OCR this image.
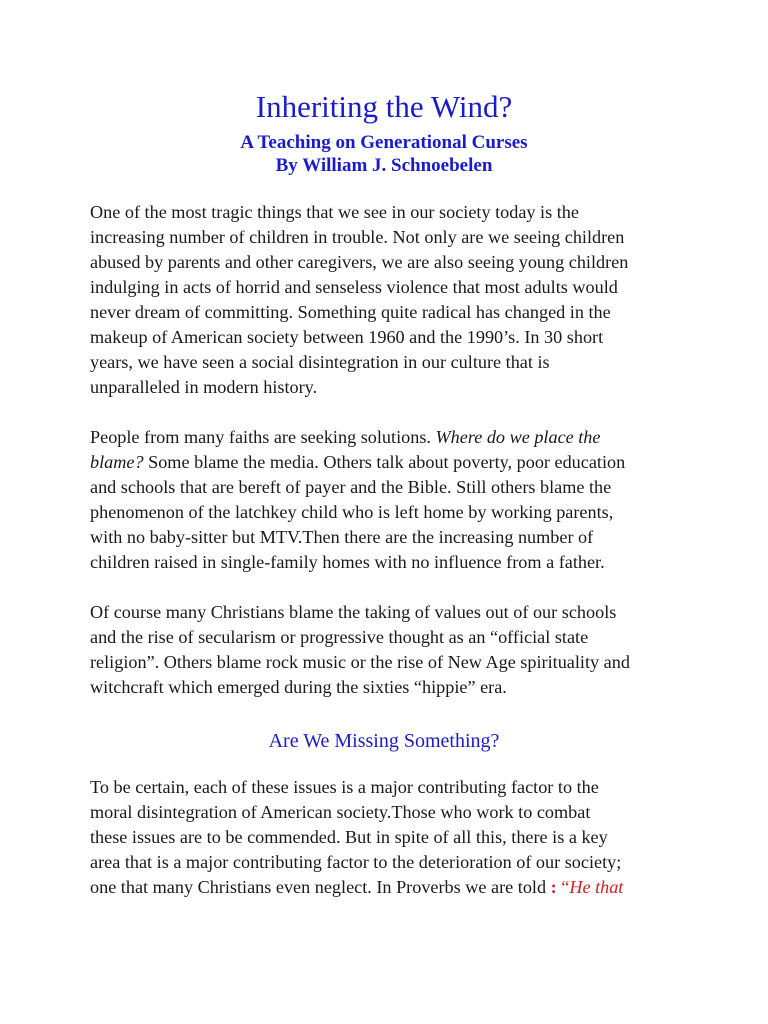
Inheriting the Wind?
A Teaching on Generational Curses
By William J. Schnoebelen

One of the most tragic things that we see in our society today is the
increasing number of children in trouble. Not only are we seeing children
abused by parents and other caregivers, we are also seeing young children
indulging in acts of horrid and senseless violence that most adults would
never dream of committing. Something quite radical has changed in the
makeup of American society between 1960 and the 1990’s. In 30 short
years, we have seen a social disintegration in our culture that is
unparalleled in modern history.

People from many faiths are seeking solutions. Where do we place the
blame? Some blame the media. Others talk about poverty, poor education
and schools that are bereft of payer and the Bible. Still others blame the
phenomenon of the latchkey child who is left home by working parents,
with no baby-sitter but MTV.Then there are the increasing number of
children raised in single-family homes with no influence from a father.

Of course many Christians blame the taking of values out of our schools
and the rise of secularism or progressive thought as an “official state
religion”. Others blame rock music or the rise of New Age spirituality and
witchcraft which emerged during the sixties “hippie” era.

Are We Missing Something?

To be certain, each of these issues is a major contributing factor to the
moral disintegration of American society.Those who work to combat
these issues are to be commended. But in spite of all this, there is a key
area that is a major contributing factor to the deterioration of our society;
one that many Christians even neglect. In Proverbs we are told : “He that
